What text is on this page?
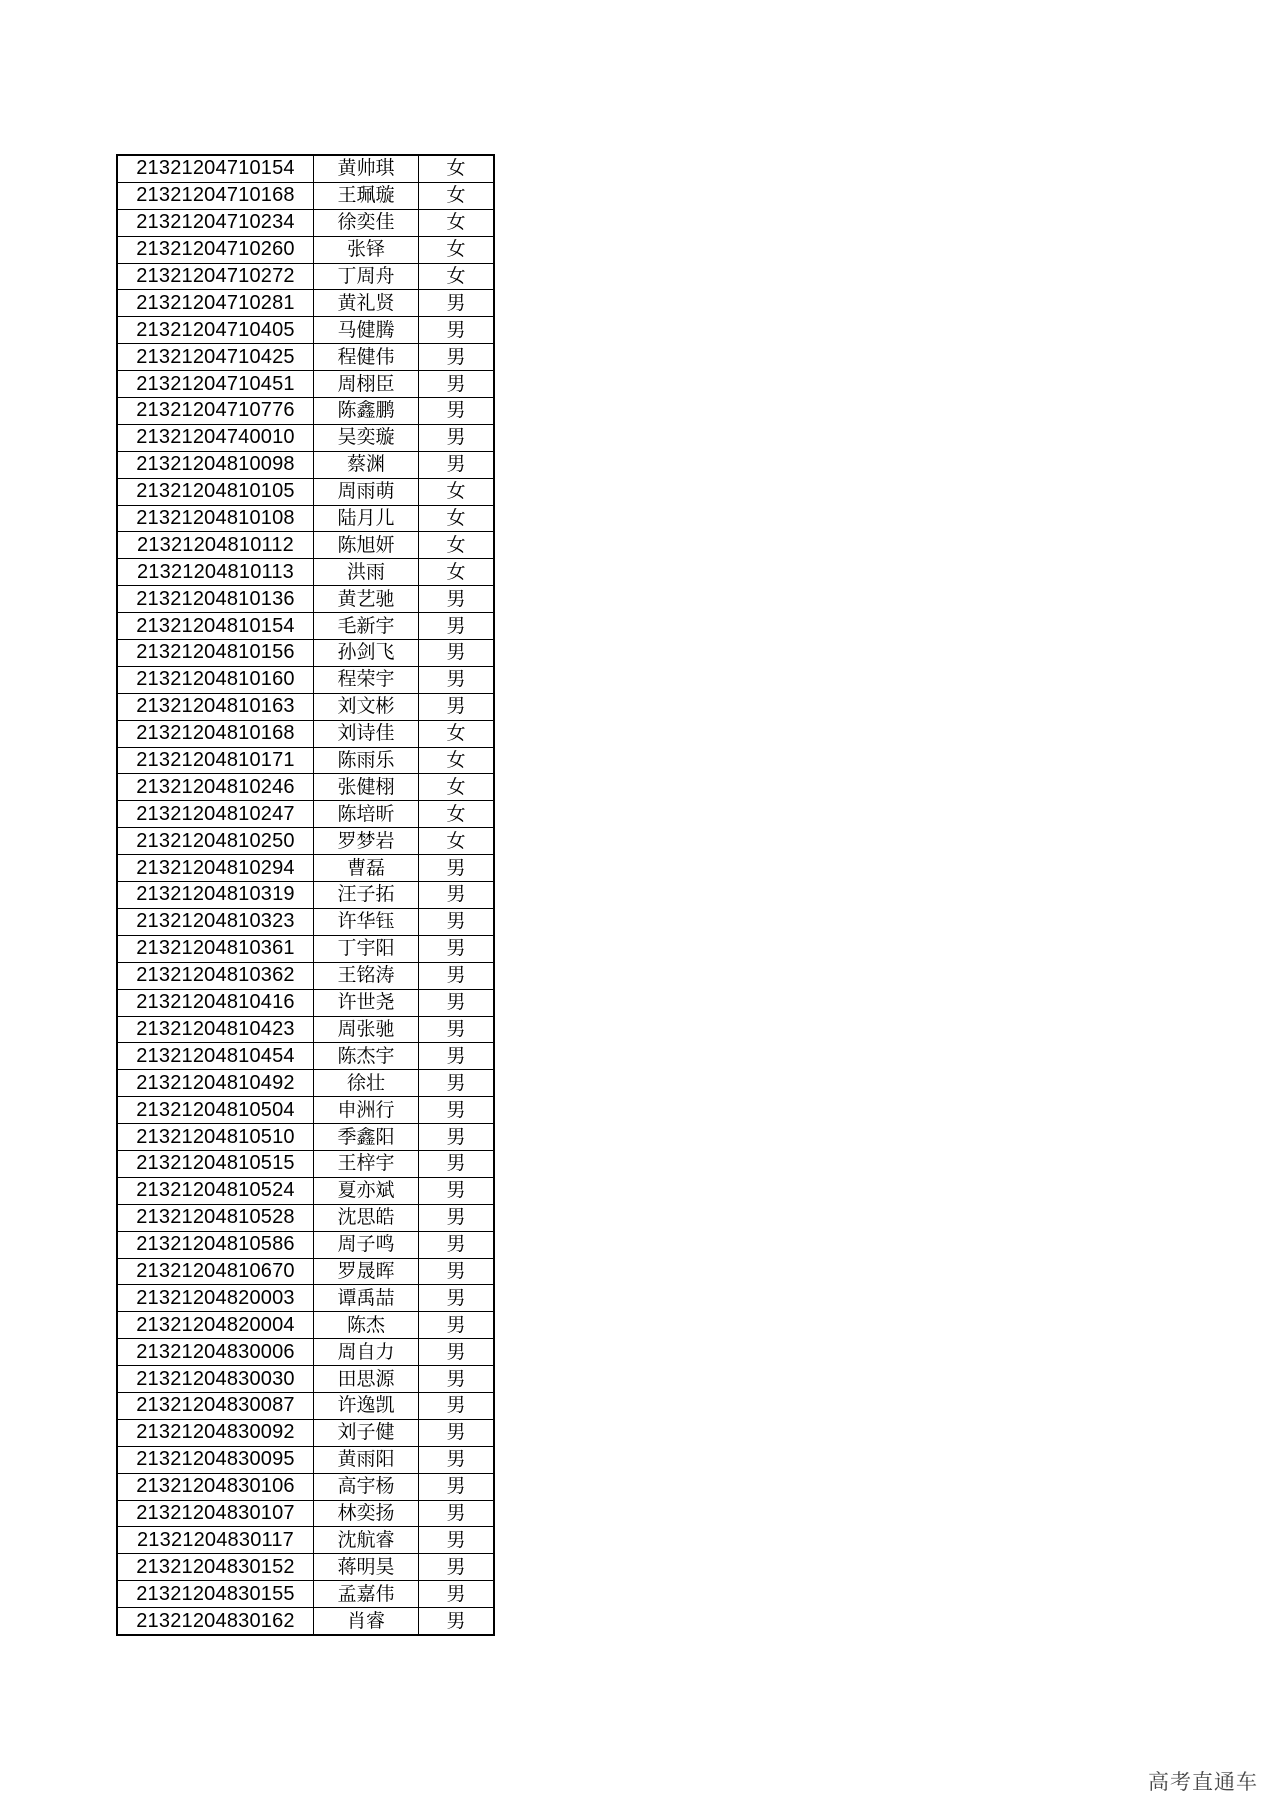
21321204710154	黄帅琪	女
21321204710168	王珮璇	女
21321204710234	徐奕佳	女
21321204710260	张铎	女
21321204710272	丁周舟	女
21321204710281	黄礼贤	男
21321204710405	马健腾	男
21321204710425	程健伟	男
21321204710451	周栩臣	男
21321204710776	陈鑫鹏	男
21321204740010	吴奕璇	男
21321204810098	蔡渊	男
21321204810105	周雨萌	女
21321204810108	陆月儿	女
21321204810112	陈旭妍	女
21321204810113	洪雨	女
21321204810136	黄艺驰	男
21321204810154	毛新宇	男
21321204810156	孙剑飞	男
21321204810160	程荣宇	男
21321204810163	刘文彬	男
21321204810168	刘诗佳	女
21321204810171	陈雨乐	女
21321204810246	张健栩	女
21321204810247	陈培昕	女
21321204810250	罗梦岩	女
21321204810294	曹磊	男
21321204810319	汪子拓	男
21321204810323	许华钰	男
21321204810361	丁宇阳	男
21321204810362	王铭涛	男
21321204810416	许世尧	男
21321204810423	周张驰	男
21321204810454	陈杰宇	男
21321204810492	徐壮	男
21321204810504	申洲行	男
21321204810510	季鑫阳	男
21321204810515	王梓宇	男
21321204810524	夏亦斌	男
21321204810528	沈思皓	男
21321204810586	周子鸣	男
21321204810670	罗晟晖	男
21321204820003	谭禹喆	男
21321204820004	陈杰	男
21321204830006	周自力	男
21321204830030	田思源	男
21321204830087	许逸凯	男
21321204830092	刘子健	男
21321204830095	黄雨阳	男
21321204830106	高宇杨	男
21321204830107	林奕扬	男
21321204830117	沈航睿	男
21321204830152	蒋明昊	男
21321204830155	孟嘉伟	男
21321204830162	肖睿	男
高考直通车
